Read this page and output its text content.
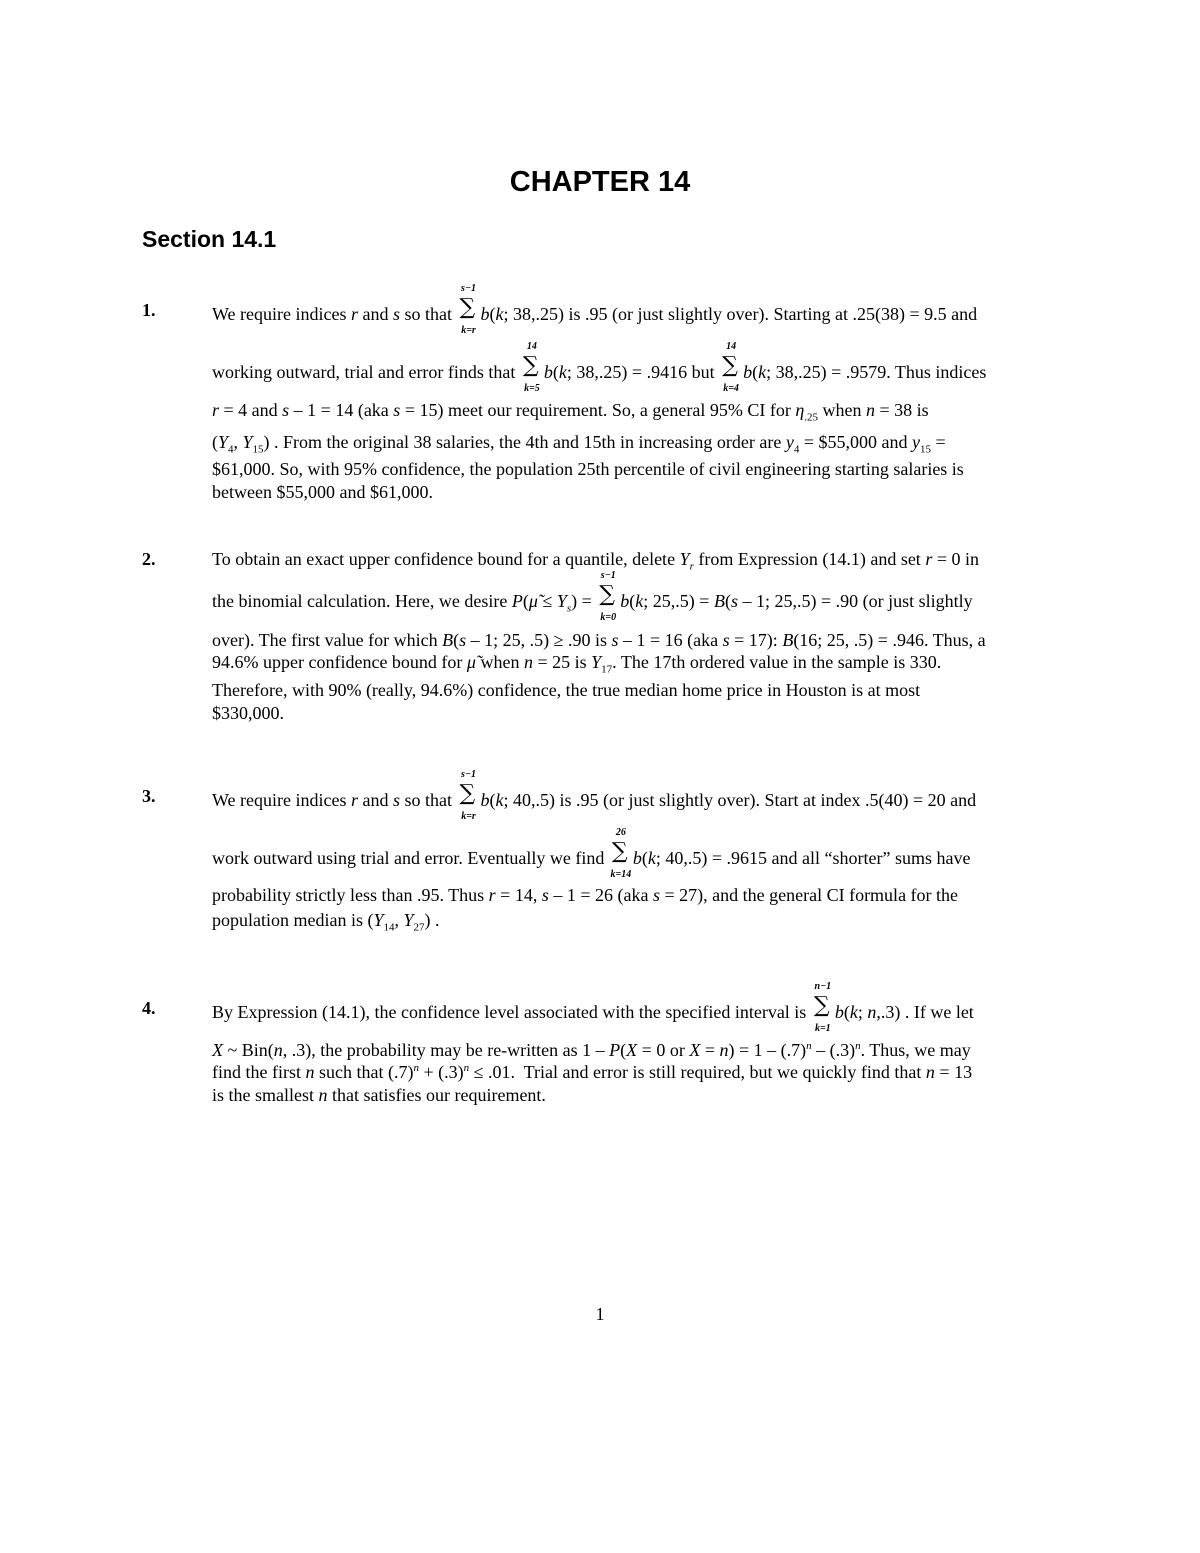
CHAPTER 14
Section 14.1
1.	We require indices r and s so that
s−1
∑
k=r
b(k; 38,.25) is .95 (or just slightly over). Starting at .25(38) = 9.5 and
working outward, trial and error finds that
14
∑
k=5
b(k; 38,.25) = .9416 but
14
∑
k=4
b(k; 38,.25) = .9579. Thus indices
r = 4 and s – 1 = 14 (aka s = 15) meet our requirement. So, a general 95% CI for $\eta_{.25}$ when n = 38 is
($Y_4$, $Y_{15}$) . From the original 38 salaries, the 4th and 15th in increasing order are $y_4$ = $55,000 and $y_{15}$ =
$61,000. So, with 95% confidence, the population 25th percentile of civil engineering starting salaries is
between $55,000 and $61,000.
2.	To obtain an exact upper confidence bound for a quantile, delete $Y_r$ from Expression (14.1) and set r = 0 in
the binomial calculation. Here, we desire P(μ̃ ≤ $Y_s$) =
s−1
∑
k=0
b(k; 25,.5) = B(s – 1; 25,.5) = .90 (or just slightly
over). The first value for which B(s – 1; 25, .5) ≥ .90 is s – 1 = 16 (aka s = 17): B(16; 25, .5) = .946. Thus, a
94.6% upper confidence bound for μ̃ when n = 25 is $Y_{17}$. The 17th ordered value in the sample is 330.
Therefore, with 90% (really, 94.6%) confidence, the true median home price in Houston is at most
$330,000.
3.	We require indices r and s so that
s−1
∑
k=r
b(k; 40,.5) is .95 (or just slightly over). Start at index .5(40) = 20 and
work outward using trial and error. Eventually we find
26
∑
k=14
b(k; 40,.5) = .9615 and all “shorter” sums have
probability strictly less than .95. Thus r = 14, s – 1 = 26 (aka s = 27), and the general CI formula for the
population median is ($Y_{14}$, $Y_{27}$) .
4.	By Expression (14.1), the confidence level associated with the specified interval is
n−1
∑
k=1
b(k; n,.3) . If we let
X ~ Bin(n, .3), the probability may be re-written as 1 – P(X = 0 or $X = n) = 1 - (.7)^n - (.3)^n$. Thus, we may
find the first n such that $(.7)^n + (.3)^n \le .01$.  Trial and error is still required, but we quickly find that n = 13
is the smallest n that satisfies our requirement.
1
